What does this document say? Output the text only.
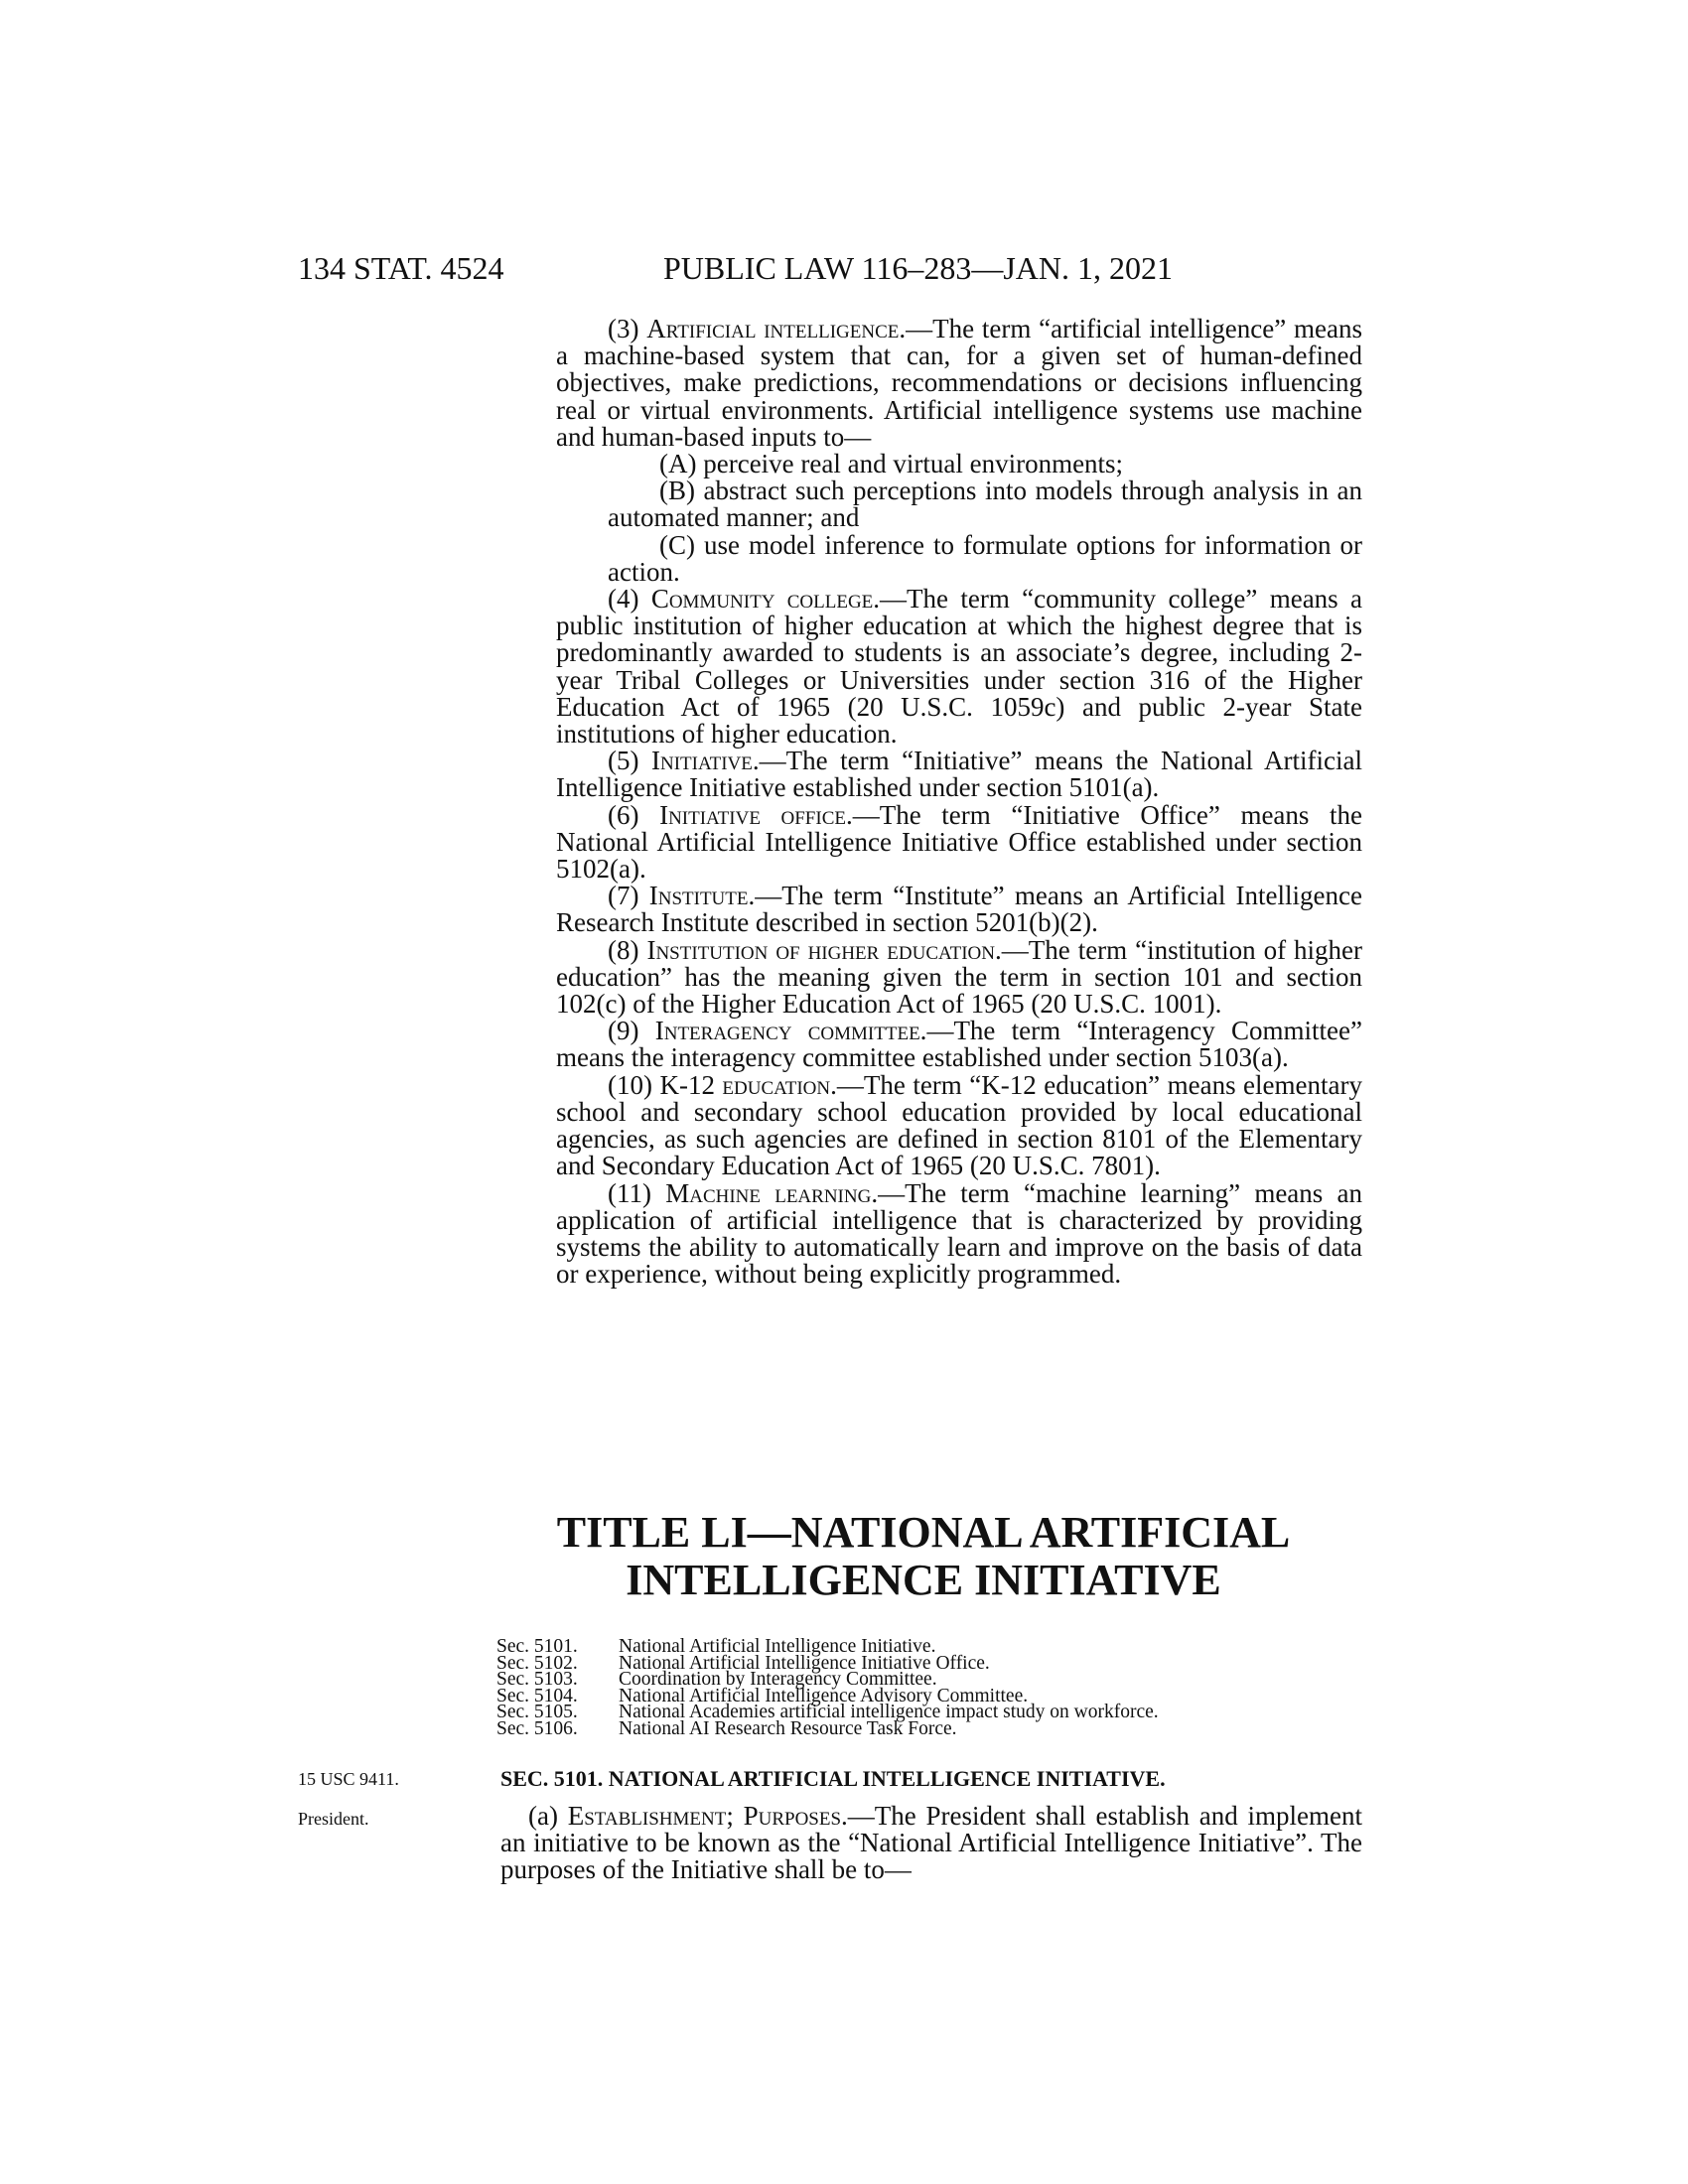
134 STAT. 4524	PUBLIC LAW 116–283—JAN. 1, 2021

(3) Artificial intelligence.—The term “artificial intelligence” means a machine-based system that can, for a given set of human-defined objectives, make predictions, recommendations or decisions influencing real or virtual environments. Artificial intelligence systems use machine and human-based inputs to—

(A) perceive real and virtual environments;

(B) abstract such perceptions into models through analysis in an automated manner; and

(C) use model inference to formulate options for information or action.

(4) Community college.—The term “community college” means a public institution of higher education at which the highest degree that is predominantly awarded to students is an associate’s degree, including 2-year Tribal Colleges or Universities under section 316 of the Higher Education Act of 1965 (20 U.S.C. 1059c) and public 2-year State institutions of higher education.

(5) Initiative.—The term “Initiative” means the National Artificial Intelligence Initiative established under section 5101(a).

(6) Initiative office.—The term “Initiative Office” means the National Artificial Intelligence Initiative Office established under section 5102(a).

(7) Institute.—The term “Institute” means an Artificial Intelligence Research Institute described in section 5201(b)(2).

(8) Institution of higher education.—The term “institution of higher education” has the meaning given the term in section 101 and section 102(c) of the Higher Education Act of 1965 (20 U.S.C. 1001).

(9) Interagency committee.—The term “Interagency Committee” means the interagency committee established under section 5103(a).

(10) K-12 education.—The term “K-12 education” means elementary school and secondary school education provided by local educational agencies, as such agencies are defined in section 8101 of the Elementary and Secondary Education Act of 1965 (20 U.S.C. 7801).

(11) Machine learning.—The term “machine learning” means an application of artificial intelligence that is characterized by providing systems the ability to automatically learn and improve on the basis of data or experience, without being explicitly programmed.

TITLE LI—NATIONAL ARTIFICIAL
INTELLIGENCE INITIATIVE
Sec. 5101. National Artificial Intelligence Initiative.
Sec. 5102. National Artificial Intelligence Initiative Office.
Sec. 5103. Coordination by Interagency Committee.
Sec. 5104. National Artificial Intelligence Advisory Committee.
Sec. 5105. National Academies artificial intelligence impact study on workforce.
Sec. 5106. National AI Research Resource Task Force.
15 USC 9411.
President.
SEC. 5101. NATIONAL ARTIFICIAL INTELLIGENCE INITIATIVE.

(a) Establishment; Purposes.—The President shall establish and implement an initiative to be known as the “National Artificial Intelligence Initiative”. The purposes of the Initiative shall be to—
